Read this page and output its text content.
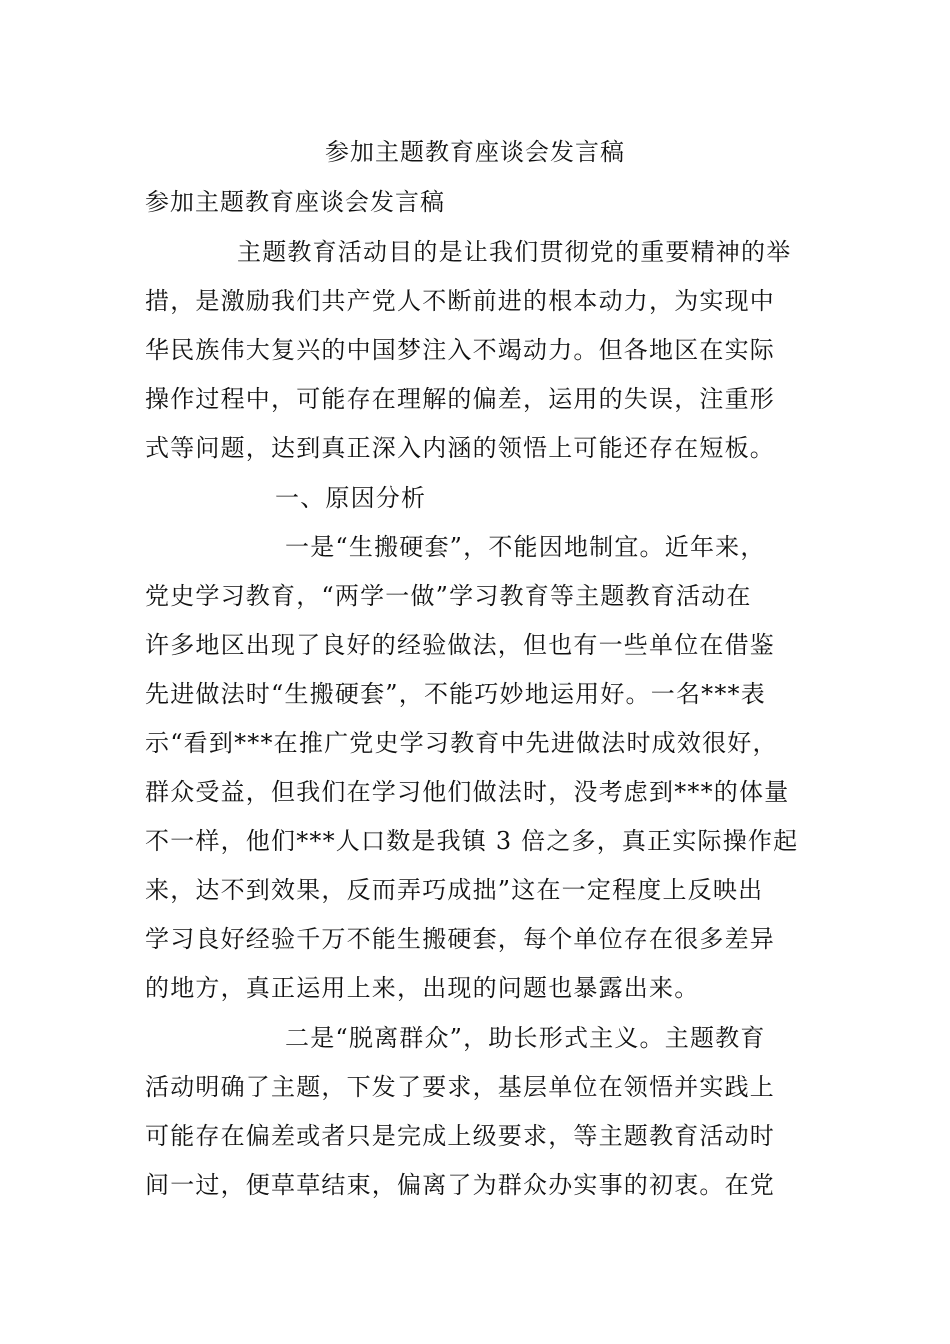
参加主题教育座谈会发言稿
参加主题教育座谈会发言稿
主题教育活动目的是让我们贯彻党的重要精神的举
措，是激励我们共产党人不断前进的根本动力，为实现中
华民族伟大复兴的中国梦注入不竭动力。但各地区在实际
操作过程中，可能存在理解的偏差，运用的失误，注重形
式等问题，达到真正深入内涵的领悟上可能还存在短板。
一、原因分析
一是“生搬硬套”，不能因地制宜。近年来，
党史学习教育，“两学一做”学习教育等主题教育活动在
许多地区出现了良好的经验做法，但也有一些单位在借鉴
先进做法时“生搬硬套”，不能巧妙地运用好。一名***表
示“看到***在推广党史学习教育中先进做法时成效很好，
群众受益，但我们在学习他们做法时，没考虑到***的体量
不一样，他们***人口数是我镇 3 倍之多，真正实际操作起
来，达不到效果，反而弄巧成拙”这在一定程度上反映出
学习良好经验千万不能生搬硬套，每个单位存在很多差异
的地方，真正运用上来，出现的问题也暴露出来。
二是“脱离群众”，助长形式主义。主题教育
活动明确了主题，下发了要求，基层单位在领悟并实践上
可能存在偏差或者只是完成上级要求，等主题教育活动时
间一过，便草草结束，偏离了为群众办实事的初衷。在党
